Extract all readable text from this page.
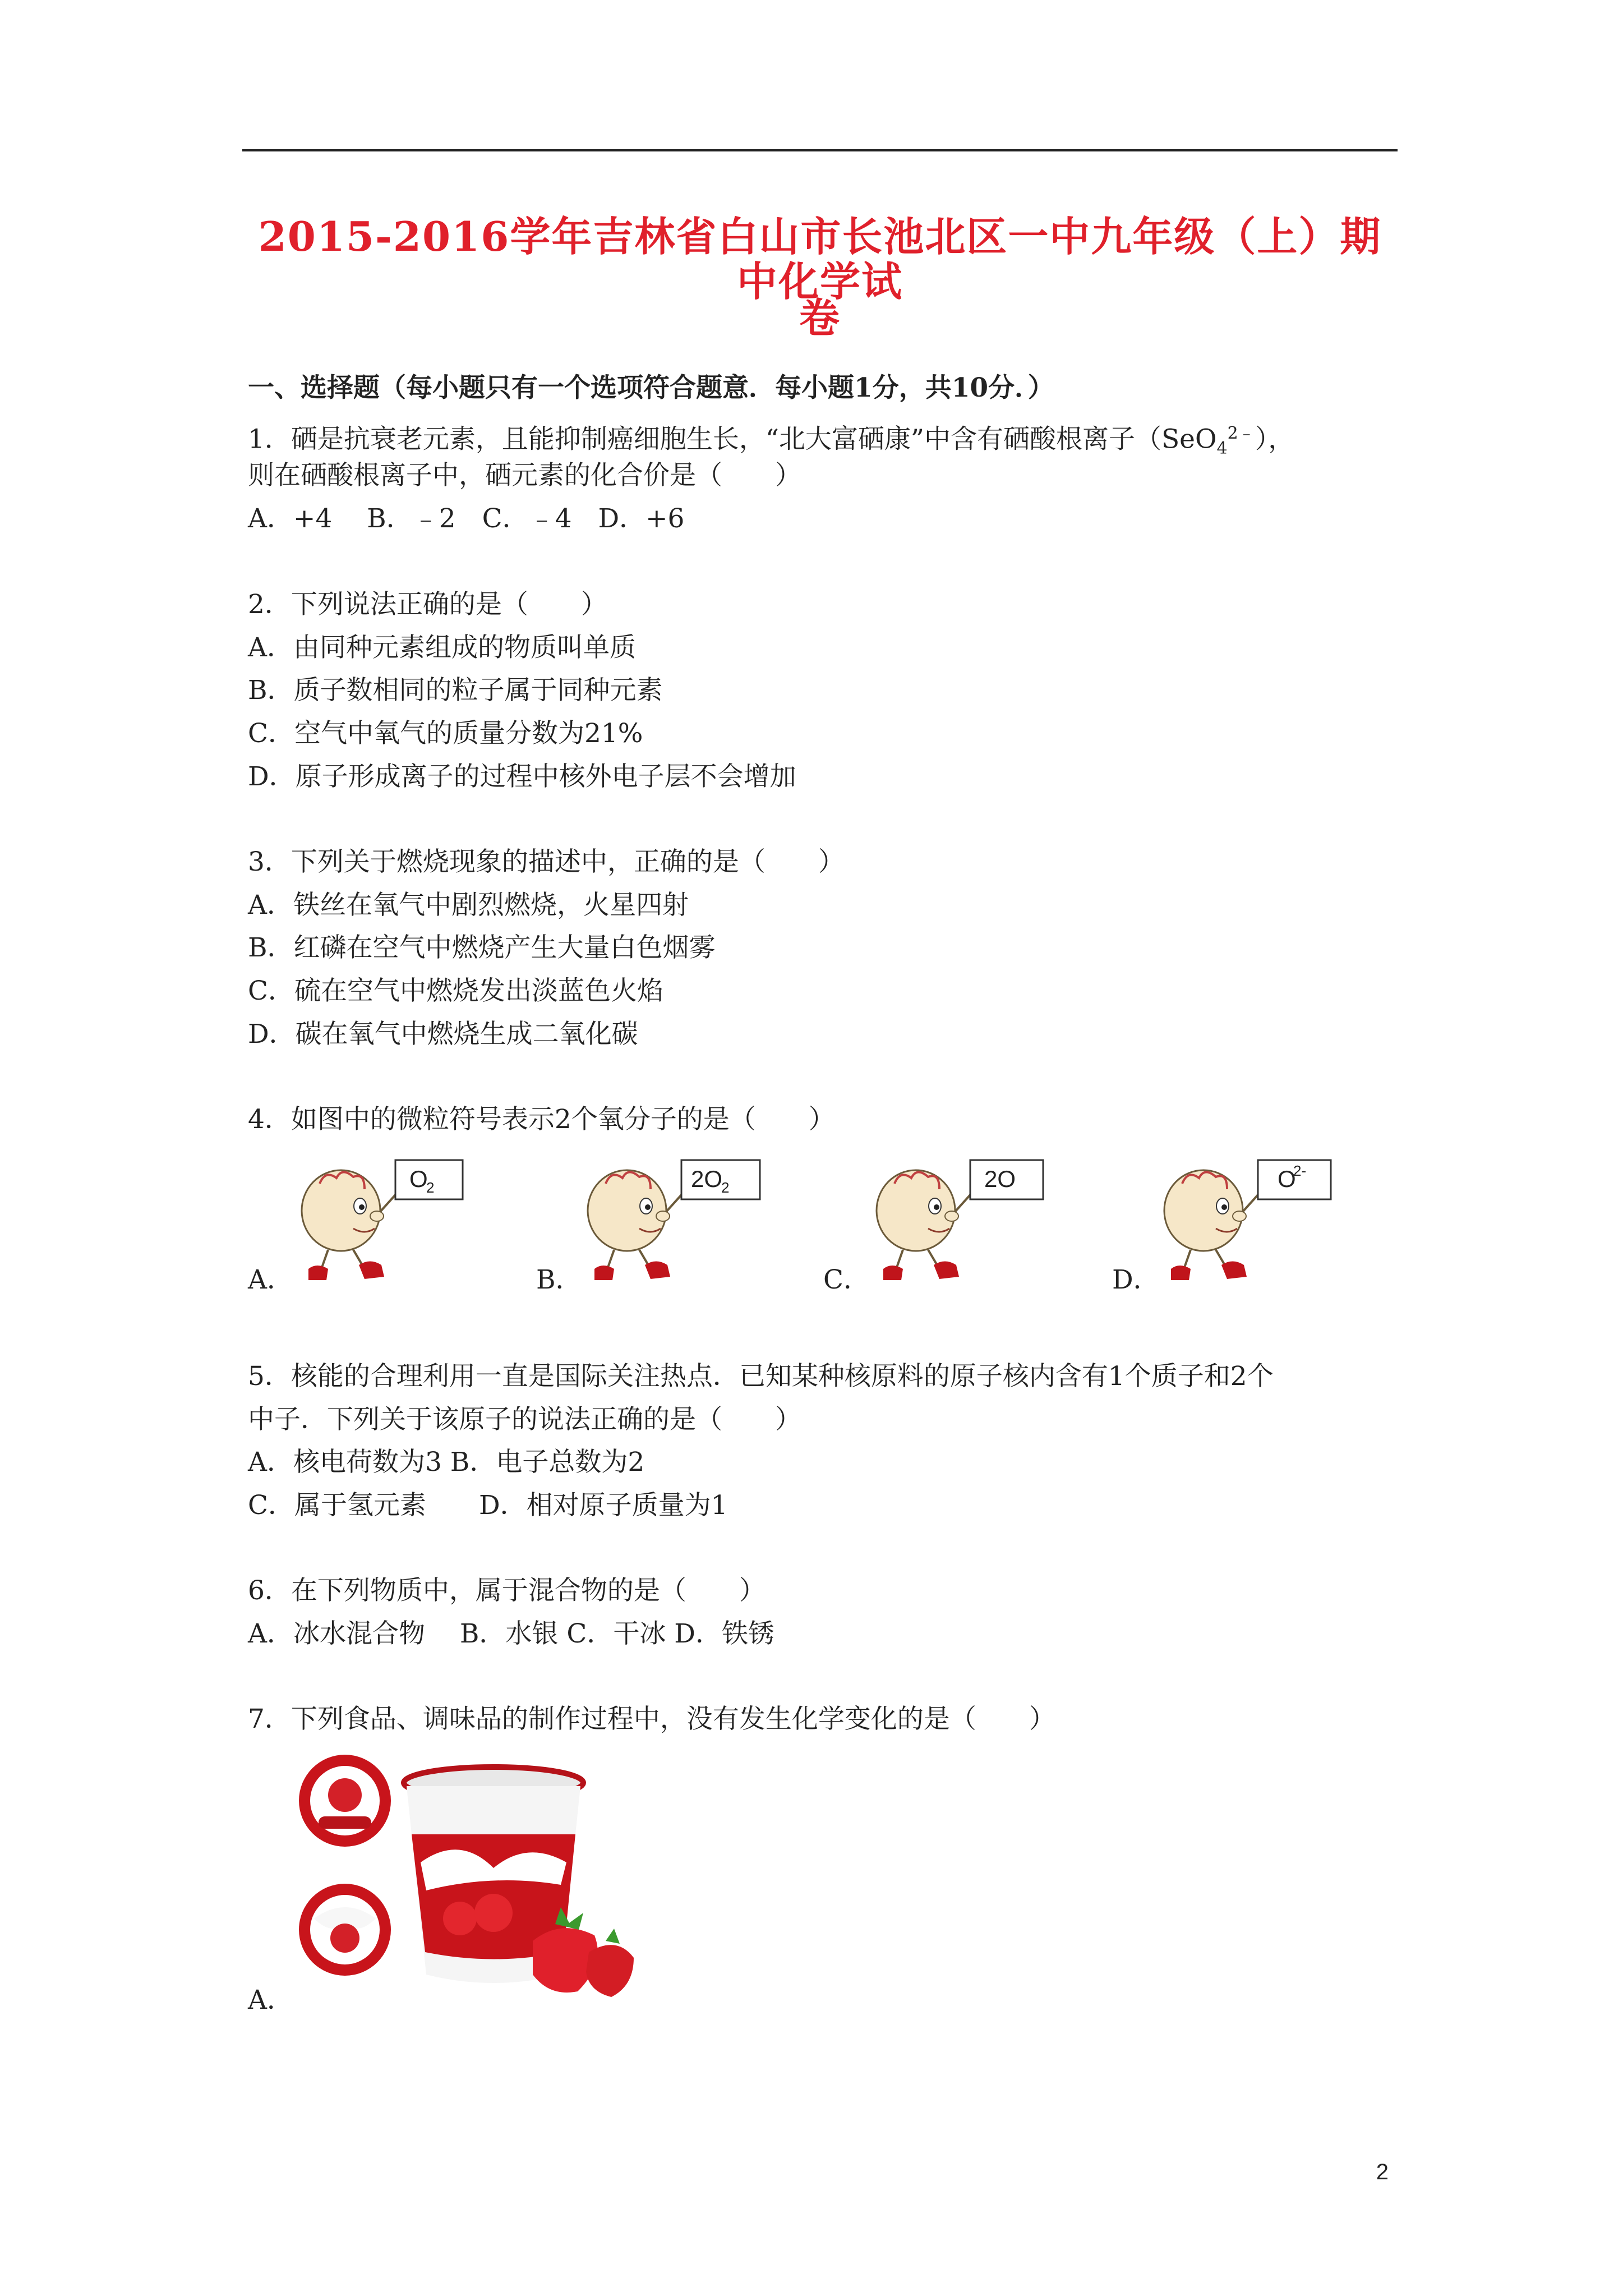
2015-2016学年吉林省白山市长池北区一中九年级（上）期中化学试
卷
一、选择题（每小题只有一个选项符合题意．每小题1分，共10分．）
1．硒是抗衰老元素，且能抑制癌细胞生长，“北大富硒康”中含有硒酸根离子（SeO$_4^{2﹣}$），
则在硒酸根离子中，硒元素的化合价是（　　）
A．+4　 B．﹣2　C．﹣4　D．+6
2．下列说法正确的是（　　）
A．由同种元素组成的物质叫单质
B．质子数相同的粒子属于同种元素
C．空气中氧气的质量分数为21%
D．原子形成离子的过程中核外电子层不会增加
3．下列关于燃烧现象的描述中，正确的是（　　）
A．铁丝在氧气中剧烈燃烧，火星四射
B．红磷在空气中燃烧产生大量白色烟雾
C．硫在空气中燃烧发出淡蓝色火焰
D．碳在氧气中燃烧生成二氧化碳
4．如图中的微粒符号表示2个氧分子的是（　　）
A．	B．	C．	D．
O
2	2O
2	2O	O
2-
5．核能的合理利用一直是国际关注热点．已知某种核原料的原子核内含有1个质子和2个
中子．下列关于该原子的说法正确的是（　　）
A．核电荷数为3 B．电子总数为2
C．属于氢元素　　D．相对原子质量为1
6．在下列物质中，属于混合物的是（　　）
A．冰水混合物　 B．水银 C．干冰 D．铁锈
7．下列食品、调味品的制作过程中，没有发生化学变化的是（　　）
A．
2
